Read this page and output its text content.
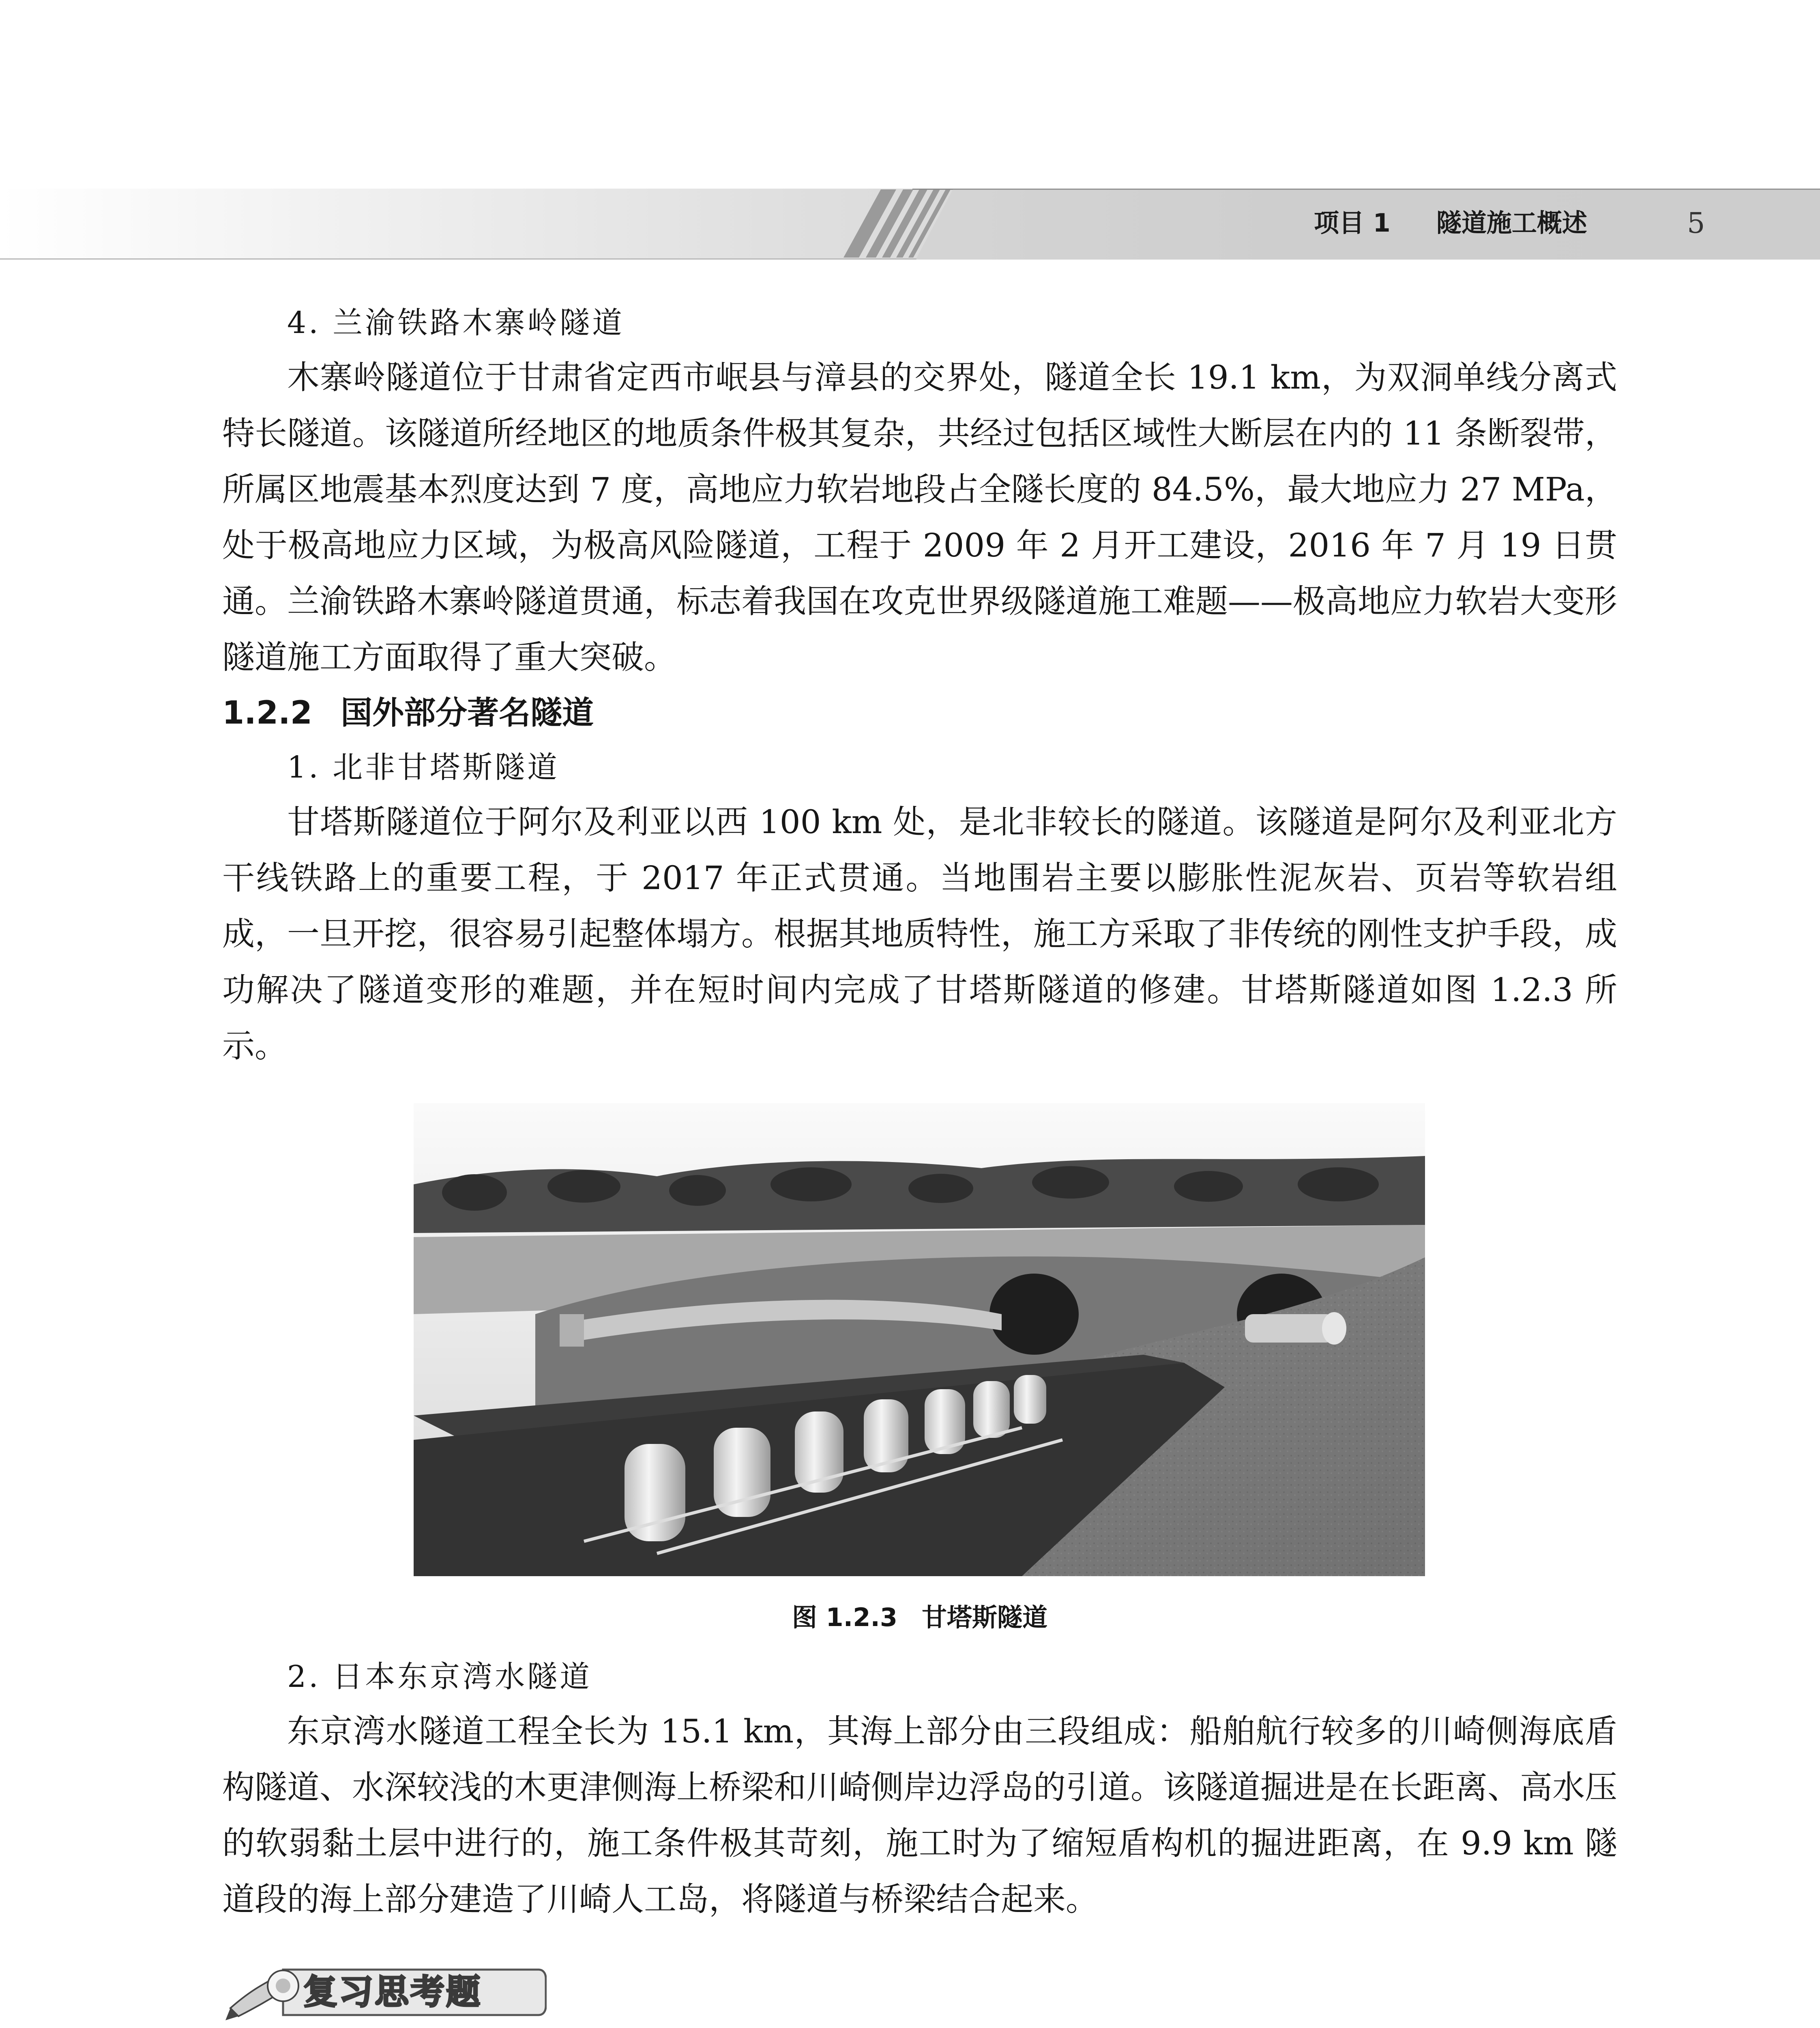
项目 1 隧道施工概述	5

4. 兰渝铁路木寨岭隧道

木寨岭隧道位于甘肃省定西市岷县与漳县的交界处，隧道全长 19.1 km，为双洞单线分离式特长隧道。该隧道所经地区的地质条件极其复杂，共经过包括区域性大断层在内的 11 条断裂带，所属区地震基本烈度达到 7 度，高地应力软岩地段占全隧长度的 84.5%，最大地应力 27 MPa，处于极高地应力区域，为极高风险隧道，工程于 2009 年 2 月开工建设，2016 年 7 月 19 日贯通。兰渝铁路木寨岭隧道贯通，标志着我国在攻克世界级隧道施工难题——极高地应力软岩大变形隧道施工方面取得了重大突破。

1.2.2 国外部分著名隧道

1. 北非甘塔斯隧道

甘塔斯隧道位于阿尔及利亚以西 100 km 处，是北非较长的隧道。该隧道是阿尔及利亚北方干线铁路上的重要工程，于 2017 年正式贯通。当地围岩主要以膨胀性泥灰岩、页岩等软岩组成，一旦开挖，很容易引起整体塌方。根据其地质特性，施工方采取了非传统的刚性支护手段，成功解决了隧道变形的难题，并在短时间内完成了甘塔斯隧道的修建。甘塔斯隧道如图 1.2.3 所示。

图 1.2.3 甘塔斯隧道

2. 日本东京湾水隧道

东京湾水隧道工程全长为 15.1 km，其海上部分由三段组成：船舶航行较多的川崎侧海底盾构隧道、水深较浅的木更津侧海上桥梁和川崎侧岸边浮岛的引道。该隧道掘进是在长距离、高水压的软弱黏土层中进行的，施工条件极其苛刻，施工时为了缩短盾构机的掘进距离，在 9.9 km 隧道段的海上部分建造了川崎人工岛，将隧道与桥梁结合起来。

复习思考题
